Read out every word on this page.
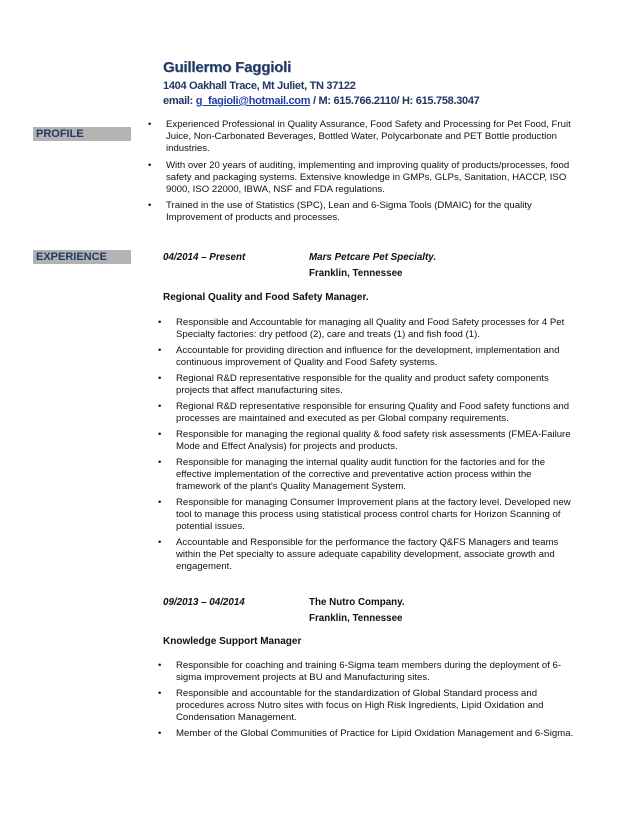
Guillermo Faggioli
1404 Oakhall Trace, Mt Juliet, TN 37122
email: g_fagioli@hotmail.com / M: 615.766.2110/ H: 615.758.3047
PROFILE
• Experienced Professional in Quality Assurance, Food Safety and Processing for Pet Food, Fruit Juice, Non-Carbonated Beverages, Bottled Water, Polycarbonate and PET Bottle production industries.
• With over 20 years of auditing, implementing and improving quality of products/processes, food safety and packaging systems. Extensive knowledge in GMPs, GLPs, Sanitation, HACCP, ISO 9000, ISO 22000, IBWA, NSF and FDA regulations.
• Trained in the use of Statistics (SPC), Lean and 6-Sigma Tools (DMAIC) for the quality Improvement of products and processes.
EXPERIENCE	04/2014 – Present	Mars Petcare Pet Specialty.
Franklin, Tennessee
Regional Quality and Food Safety Manager.
• Responsible and Accountable for managing all Quality and Food Safety processes for 4 Pet Specialty factories: dry petfood (2), care and treats (1) and fish food (1).
• Accountable for providing direction and influence for the development, implementation and continuous improvement of Quality and Food Safety systems.
• Regional R&D representative responsible for the quality and product safety components projects that affect manufacturing sites.
• Regional R&D representative responsible for ensuring Quality and Food safety functions and processes are maintained and executed as per Global company requirements.
• Responsible for managing the regional quality & food safety risk assessments (FMEA-Failure Mode and Effect Analysis) for projects and products.
• Responsible for managing the internal quality audit function for the factories and for the effective implementation of the corrective and preventative action process within the framework of the plant's Quality Management System.
• Responsible for managing Consumer Improvement plans at the factory level. Developed new tool to manage this process using statistical process control charts for Horizon Scanning of potential issues.
• Accountable and Responsible for the performance the factory Q&FS Managers and teams within the Pet specialty to assure adequate capability development, associate growth and engagement.
09/2013 – 04/2014	The Nutro Company.
Franklin, Tennessee
Knowledge Support Manager
• Responsible for coaching and training 6-Sigma team members during the deployment of 6-sigma improvement projects at BU and Manufacturing sites.
• Responsible and accountable for the standardization of Global Standard process and procedures across Nutro sites with focus on High Risk Ingredients, Lipid Oxidation and Condensation Management.
• Member of the Global Communities of Practice for Lipid Oxidation Management and 6-Sigma.
